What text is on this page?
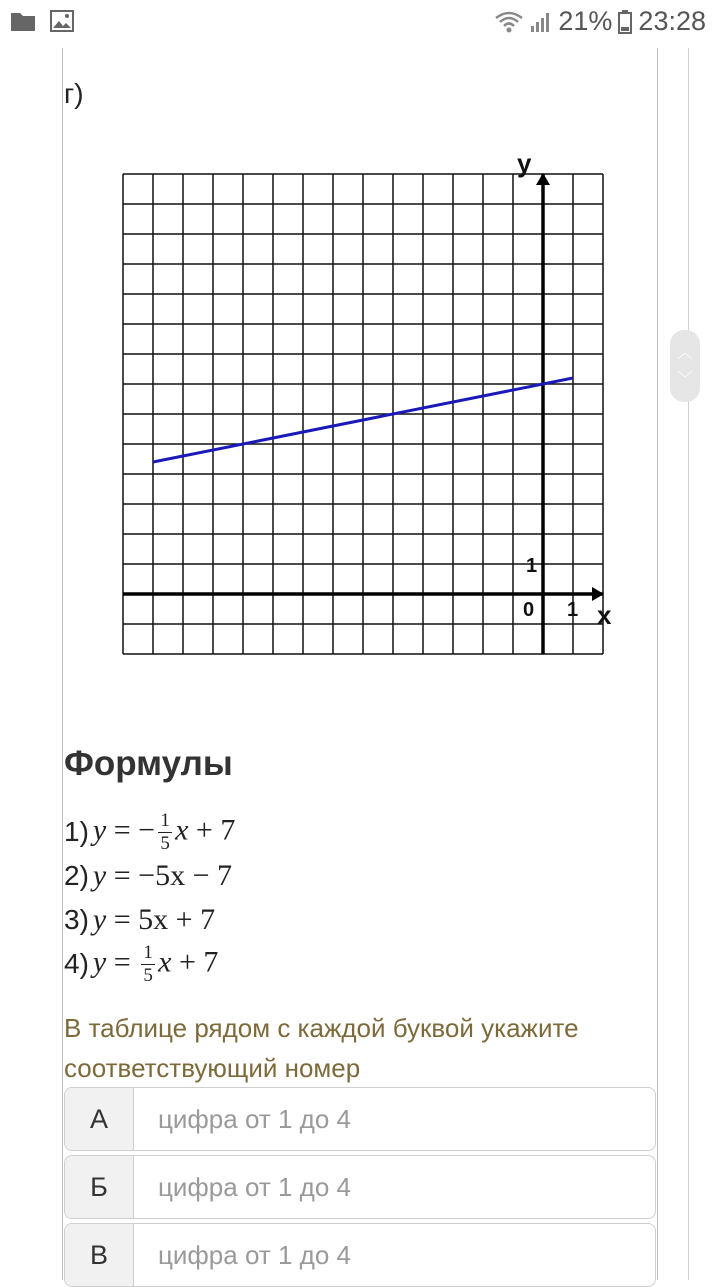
21% 23:28
г)
y
x
0 1
1
︿
﹀
Формулы
1) y = − $\frac{1}{5}$ x + 7
2) y = −5x − 7
3) y = 5x + 7
4) $y = \frac{1}{5}$ x + 7
В таблице рядом с каждой буквой укажите соответствующий номер
А
цифра от 1 до 4
Б
цифра от 1 до 4
В
цифра от 1 до 4
